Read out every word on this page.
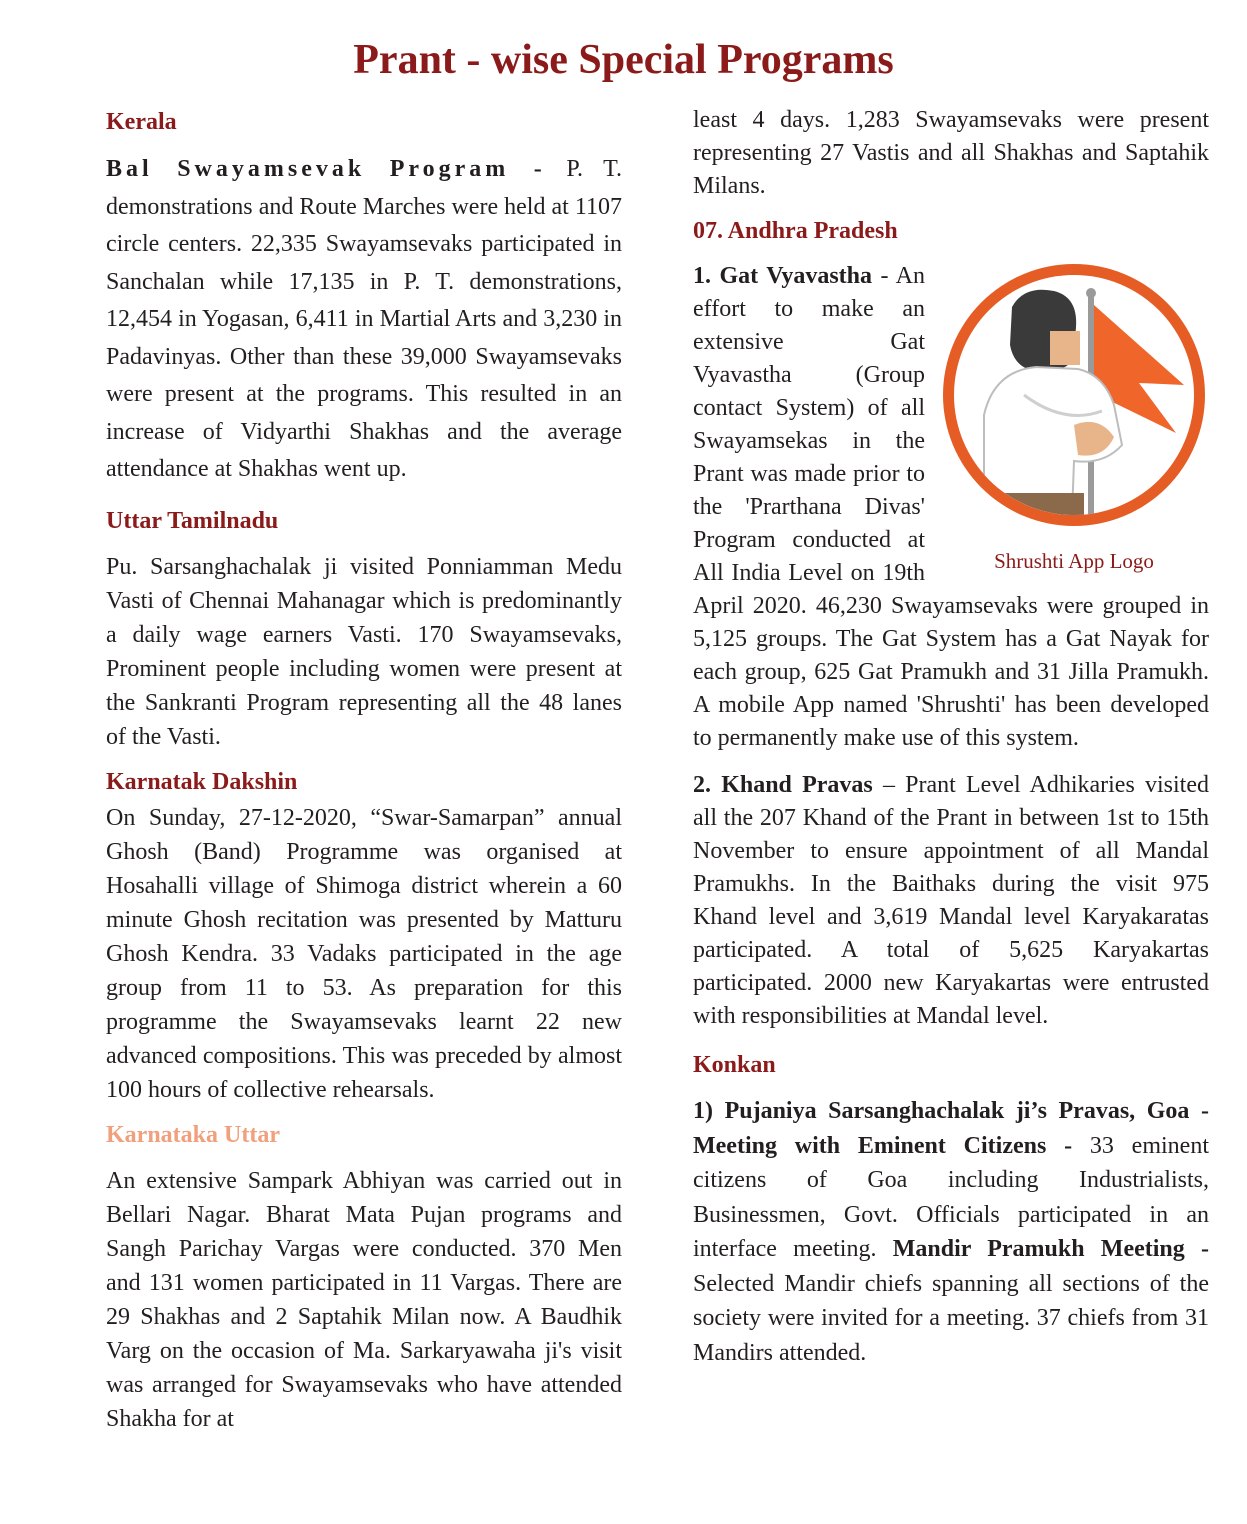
Prant - wise Special Programs
Kerala

Bal Swayamsevak Program - P. T. demonstrations and Route Marches were held at 1107 circle centers. 22,335 Swayamsevaks participated in Sanchalan while 17,135 in P. T. demonstrations, 12,454 in Yogasan, 6,411 in Martial Arts and 3,230 in Padavinyas. Other than these 39,000 Swayamsevaks were present at the programs. This resulted in an increase of Vidyarthi Shakhas and the average attendance at Shakhas went up.

Uttar Tamilnadu

Pu. Sarsanghachalak ji visited Ponniamman Medu Vasti of Chennai Mahanagar which is predominantly a daily wage earners Vasti. 170 Swayamsevaks, Prominent people including women were present at the Sankranti Program representing all the 48 lanes of the Vasti.

Karnatak Dakshin

On Sunday, 27-12-2020, “Swar-Samarpan” annual Ghosh (Band) Programme was organised at Hosahalli village of Shimoga district wherein a 60 minute Ghosh recitation was presented by Matturu Ghosh Kendra. 33 Vadaks participated in the age group from 11 to 53. As preparation for this programme the Swayamsevaks learnt 22 new advanced compositions. This was preceded by almost 100 hours of collective rehearsals.

Karnataka Uttar

An extensive Sampark Abhiyan was carried out in Bellari Nagar. Bharat Mata Pujan programs and Sangh Parichay Vargas were conducted. 370 Men and 131 women participated in 11 Vargas. There are 29 Shakhas and 2 Saptahik Milan now. A Baudhik Varg on the occasion of Ma. Sarkaryawaha ji's visit was arranged for Swayamsevaks who have attended Shakha for at

least 4 days. 1,283 Swayamsevaks were present representing 27 Vastis and all Shakhas and Saptahik Milans.

07. Andhra Pradesh

Shrushti App Logo
1. Gat Vyavastha - An effort to make an extensive Gat Vyavastha (Group contact System) of all Swayamsekas in the Prant was made prior to the 'Prarthana Divas' Program conducted at All India Level on 19th April 2020. 46,230 Swayamsevaks were grouped in 5,125 groups. The Gat System has a Gat Nayak for each group, 625 Gat Pramukh and 31 Jilla Pramukh. A mobile App named 'Shrushti' has been developed to permanently make use of this system.

2. Khand Pravas – Prant Level Adhikaries visited all the 207 Khand of the Prant in between 1st to 15th November to ensure appointment of all Mandal Pramukhs. In the Baithaks during the visit 975 Khand level and 3,619 Mandal level Karyakaratas participated. A total of 5,625 Karyakartas participated. 2000 new Karyakartas were entrusted with responsibilities at Mandal level.

Konkan

1) Pujaniya Sarsanghachalak ji’s Pravas, Goa - Meeting with Eminent Citizens - 33 eminent citizens of Goa including Industrialists, Businessmen, Govt. Officials participated in an interface meeting. Mandir Pramukh Meeting - Selected Mandir chiefs spanning all sections of the society were invited for a meeting. 37 chiefs from 31 Mandirs attended.
